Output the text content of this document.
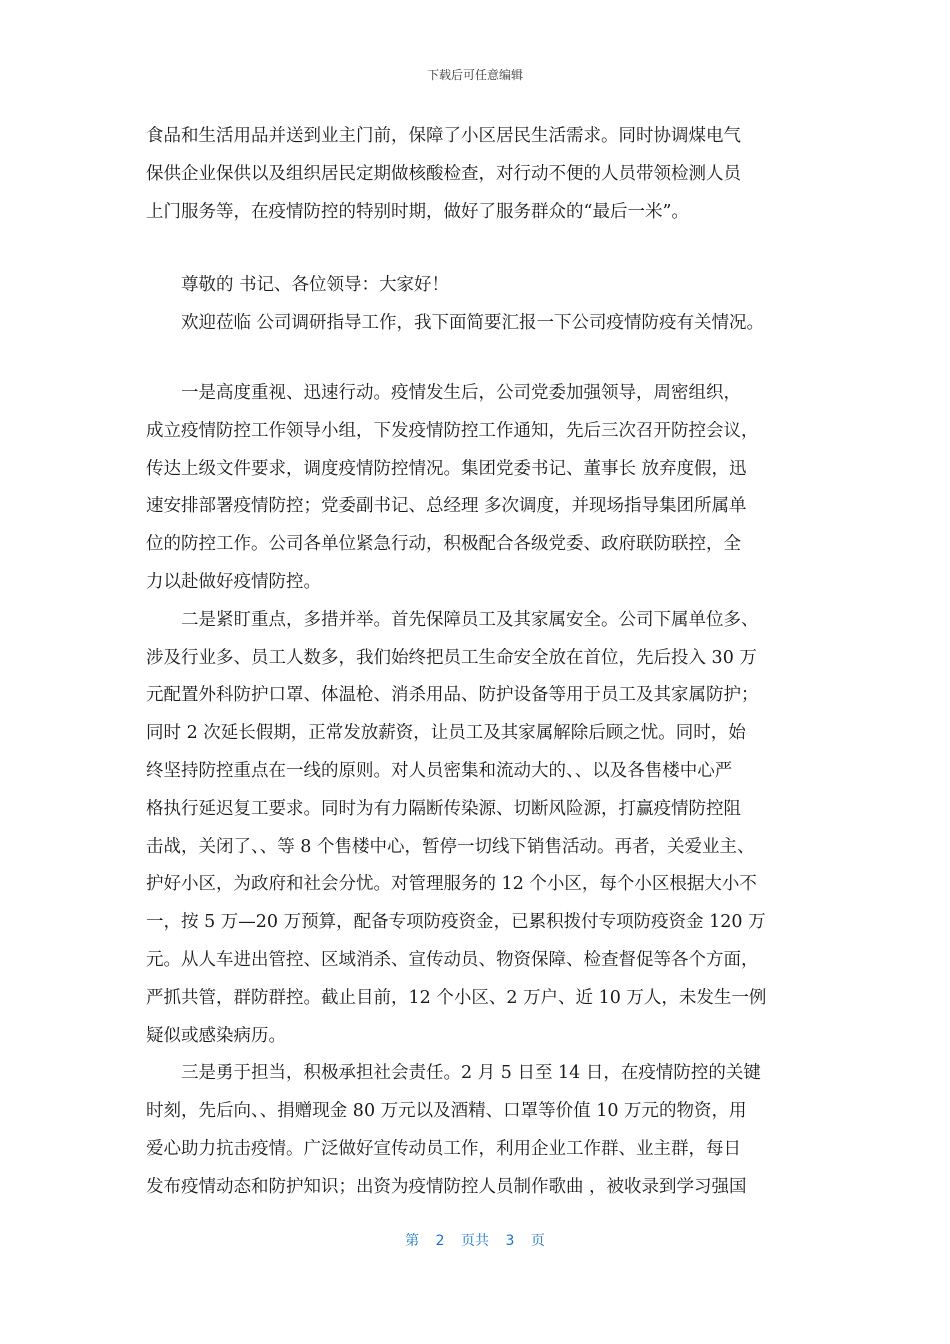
下载后可任意编辑
食品和生活用品并送到业主门前，保障了小区居民生活需求。同时协调煤电气
保供企业保供以及组织居民定期做核酸检查，对行动不便的人员带领检测人员
上门服务等，在疫情防控的特别时期，做好了服务群众的“最后一米”。
尊敬的 书记、各位领导：大家好！
欢迎莅临 公司调研指导工作，我下面简要汇报一下公司疫情防疫有关情况。
一是高度重视、迅速行动。疫情发生后，公司党委加强领导，周密组织，
成立疫情防控工作领导小组，下发疫情防控工作通知，先后三次召开防控会议，
传达上级文件要求，调度疫情防控情况。集团党委书记、董事长 放弃度假，迅
速安排部署疫情防控；党委副书记、总经理 多次调度，并现场指导集团所属单
位的防控工作。公司各单位紧急行动，积极配合各级党委、政府联防联控，全
力以赴做好疫情防控。
二是紧盯重点，多措并举。首先保障员工及其家属安全。公司下属单位多、
涉及行业多、员工人数多，我们始终把员工生命安全放在首位，先后投入 30 万
元配置外科防护口罩、体温枪、消杀用品、防护设备等用于员工及其家属防护；
同时 2 次延长假期，正常发放薪资，让员工及其家属解除后顾之忧。同时，始
终坚持防控重点在一线的原则。对人员密集和流动大的、、以及各售楼中心严
格执行延迟复工要求。同时为有力隔断传染源、切断风险源，打赢疫情防控阻
击战，关闭了、、等 8 个售楼中心，暂停一切线下销售活动。再者，关爱业主、
护好小区，为政府和社会分忧。对管理服务的 12 个小区，每个小区根据大小不
一，按 5 万—20 万预算，配备专项防疫资金，已累积拨付专项防疫资金 120 万
元。从人车进出管控、区域消杀、宣传动员、物资保障、检查督促等各个方面，
严抓共管，群防群控。截止目前，12 个小区、2 万户、近 10 万人，未发生一例
疑似或感染病历。
三是勇于担当，积极承担社会责任。2 月 5 日至 14 日，在疫情防控的关键
时刻，先后向、、捐赠现金 80 万元以及酒精、口罩等价值 10 万元的物资，用
爱心助力抗击疫情。广泛做好宣传动员工作，利用企业工作群、业主群，每日
发布疫情动态和防护知识；出资为疫情防控人员制作歌曲 ，被收录到学习强国
第 2 页共 3 页
